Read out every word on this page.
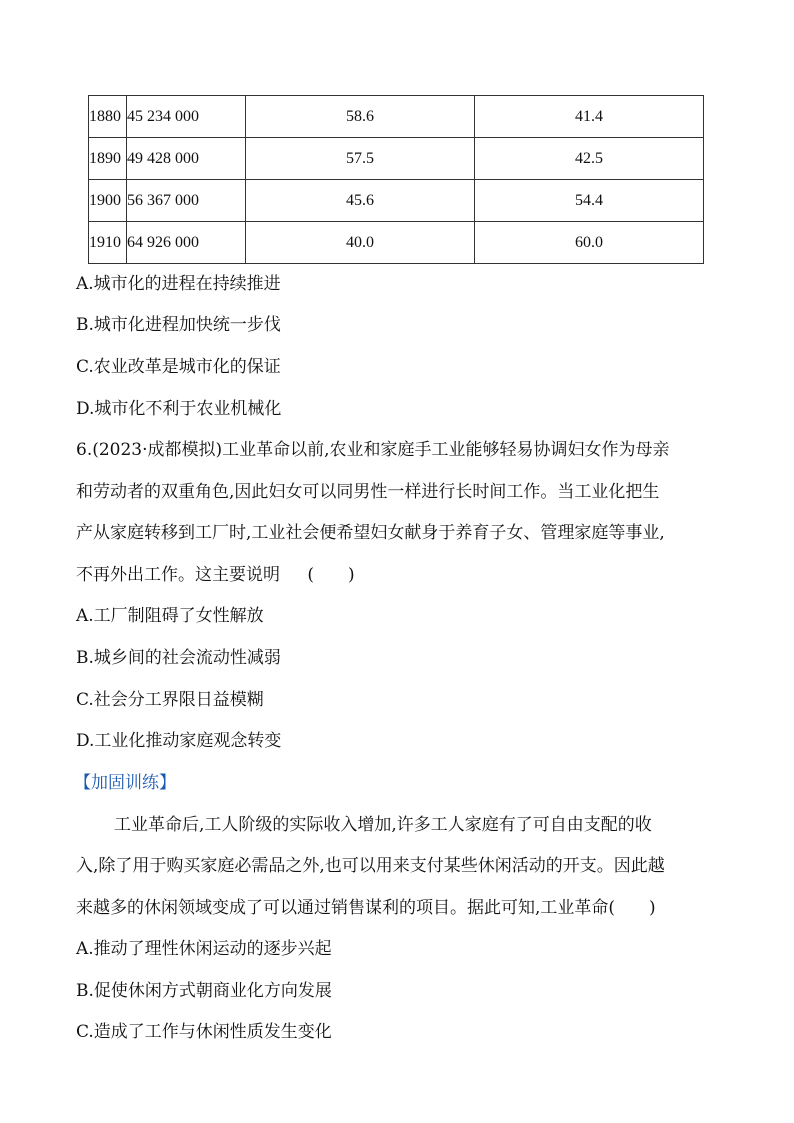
1880	45 234 000	58.6	41.4
1890	49 428 000	57.5	42.5
1900	56 367 000	45.6	54.4
1910	64 926 000	40.0	60.0
A.城市化的进程在持续推进
B.城市化进程加快统一步伐
C.农业改革是城市化的保证
D.城市化不利于农业机械化
6.(2023·成都模拟)工业革命以前,农业和家庭手工业能够轻易协调妇女作为母亲
和劳动者的双重角色,因此妇女可以同男性一样进行长时间工作。当工业化把生
产从家庭转移到工厂时,工业社会便希望妇女献身于养育子女、管理家庭等事业,
不再外出工作。这主要说明 (　　)
A.工厂制阻碍了女性解放
B.城乡间的社会流动性减弱
C.社会分工界限日益模糊
D.工业化推动家庭观念转变
【加固训练】
工业革命后,工人阶级的实际收入增加,许多工人家庭有了可自由支配的收
入,除了用于购买家庭必需品之外,也可以用来支付某些休闲活动的开支。因此越
来越多的休闲领域变成了可以通过销售谋利的项目。据此可知,工业革命(　　)
A.推动了理性休闲运动的逐步兴起
B.促使休闲方式朝商业化方向发展
C.造成了工作与休闲性质发生变化
